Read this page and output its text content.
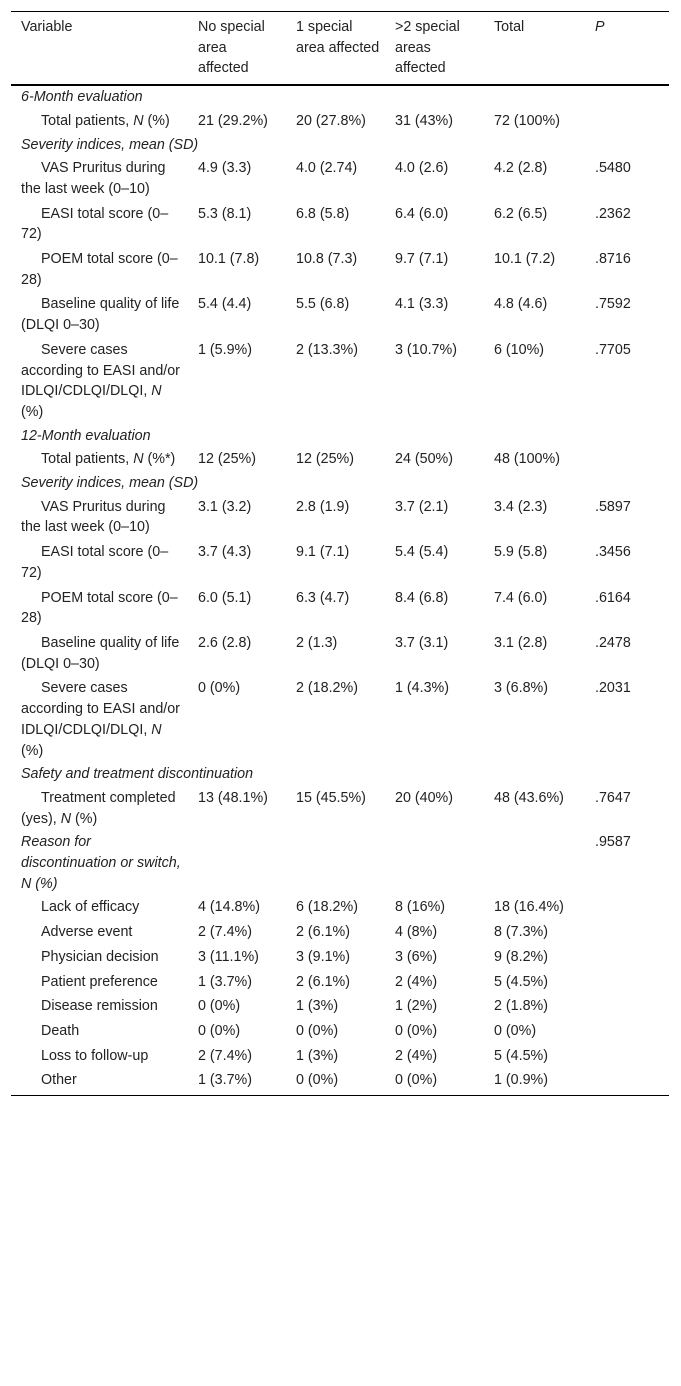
Variable	No special area affected	1 special area affected	>2 special areas affected	Total	P
6-Month evaluation					
Total patients, N (%)	21 (29.2%)	20 (27.8%)	31 (43%)	72 (100%)	
Severity indices, mean (SD)					
VAS Pruritus during the last week (0–10)	4.9 (3.3)	4.0 (2.74)	4.0 (2.6)	4.2 (2.8)	.5480
EASI total score (0–72)	5.3 (8.1)	6.8 (5.8)	6.4 (6.0)	6.2 (6.5)	.2362
POEM total score (0–28)	10.1 (7.8)	10.8 (7.3)	9.7 (7.1)	10.1 (7.2)	.8716
Baseline quality of life (DLQI 0–30)	5.4 (4.4)	5.5 (6.8)	4.1 (3.3)	4.8 (4.6)	.7592
Severe cases according to EASI and/or IDLQI/CDLQI/DLQI, N (%)	1 (5.9%)	2 (13.3%)	3 (10.7%)	6 (10%)	.7705
12-Month evaluation					
Total patients, N (%*)	12 (25%)	12 (25%)	24 (50%)	48 (100%)	
Severity indices, mean (SD)					
VAS Pruritus during the last week (0–10)	3.1 (3.2)	2.8 (1.9)	3.7 (2.1)	3.4 (2.3)	.5897
EASI total score (0–72)	3.7 (4.3)	9.1 (7.1)	5.4 (5.4)	5.9 (5.8)	.3456
POEM total score (0–28)	6.0 (5.1)	6.3 (4.7)	8.4 (6.8)	7.4 (6.0)	.6164
Baseline quality of life (DLQI 0–30)	2.6 (2.8)	2 (1.3)	3.7 (3.1)	3.1 (2.8)	.2478
Severe cases according to EASI and/or IDLQI/CDLQI/DLQI, N (%)	0 (0%)	2 (18.2%)	1 (4.3%)	3 (6.8%)	.2031
Safety and treatment discontinuation					
Treatment completed (yes), N (%)	13 (48.1%)	15 (45.5%)	20 (40%)	48 (43.6%)	.7647
Reason for discontinuation or switch, N (%)					.9587
Lack of efficacy	4 (14.8%)	6 (18.2%)	8 (16%)	18 (16.4%)	
Adverse event	2 (7.4%)	2 (6.1%)	4 (8%)	8 (7.3%)	
Physician decision	3 (11.1%)	3 (9.1%)	3 (6%)	9 (8.2%)	
Patient preference	1 (3.7%)	2 (6.1%)	2 (4%)	5 (4.5%)	
Disease remission	0 (0%)	1 (3%)	1 (2%)	2 (1.8%)	
Death	0 (0%)	0 (0%)	0 (0%)	0 (0%)	
Loss to follow-up	2 (7.4%)	1 (3%)	2 (4%)	5 (4.5%)	
Other	1 (3.7%)	0 (0%)	0 (0%)	1 (0.9%)	
